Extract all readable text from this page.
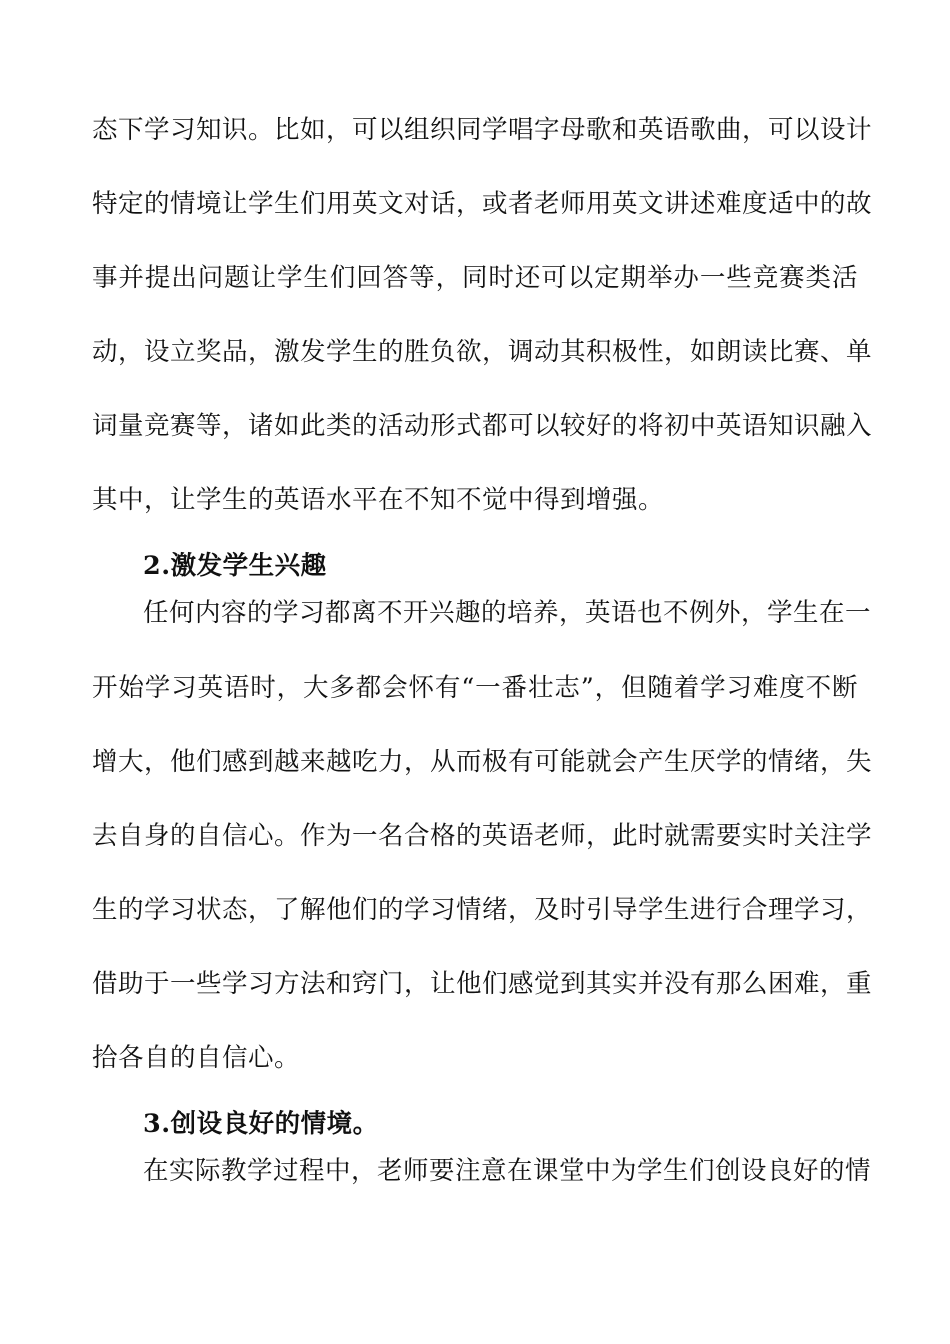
态下学习知识。比如，可以组织同学唱字母歌和英语歌曲，可以设计
特定的情境让学生们用英文对话，或者老师用英文讲述难度适中的故
事并提出问题让学生们回答等，同时还可以定期举办一些竞赛类活
动，设立奖品，激发学生的胜负欲，调动其积极性，如朗读比赛、单
词量竞赛等，诸如此类的活动形式都可以较好的将初中英语知识融入
其中，让学生的英语水平在不知不觉中得到增强。
2.激发学生兴趣
任何内容的学习都离不开兴趣的培养，英语也不例外，学生在一
开始学习英语时，大多都会怀有“一番壮志”，但随着学习难度不断
增大，他们感到越来越吃力，从而极有可能就会产生厌学的情绪，失
去自身的自信心。作为一名合格的英语老师，此时就需要实时关注学
生的学习状态，了解他们的学习情绪，及时引导学生进行合理学习，
借助于一些学习方法和窍门，让他们感觉到其实并没有那么困难，重
拾各自的自信心。
3.创设良好的情境。
在实际教学过程中，老师要注意在课堂中为学生们创设良好的情
